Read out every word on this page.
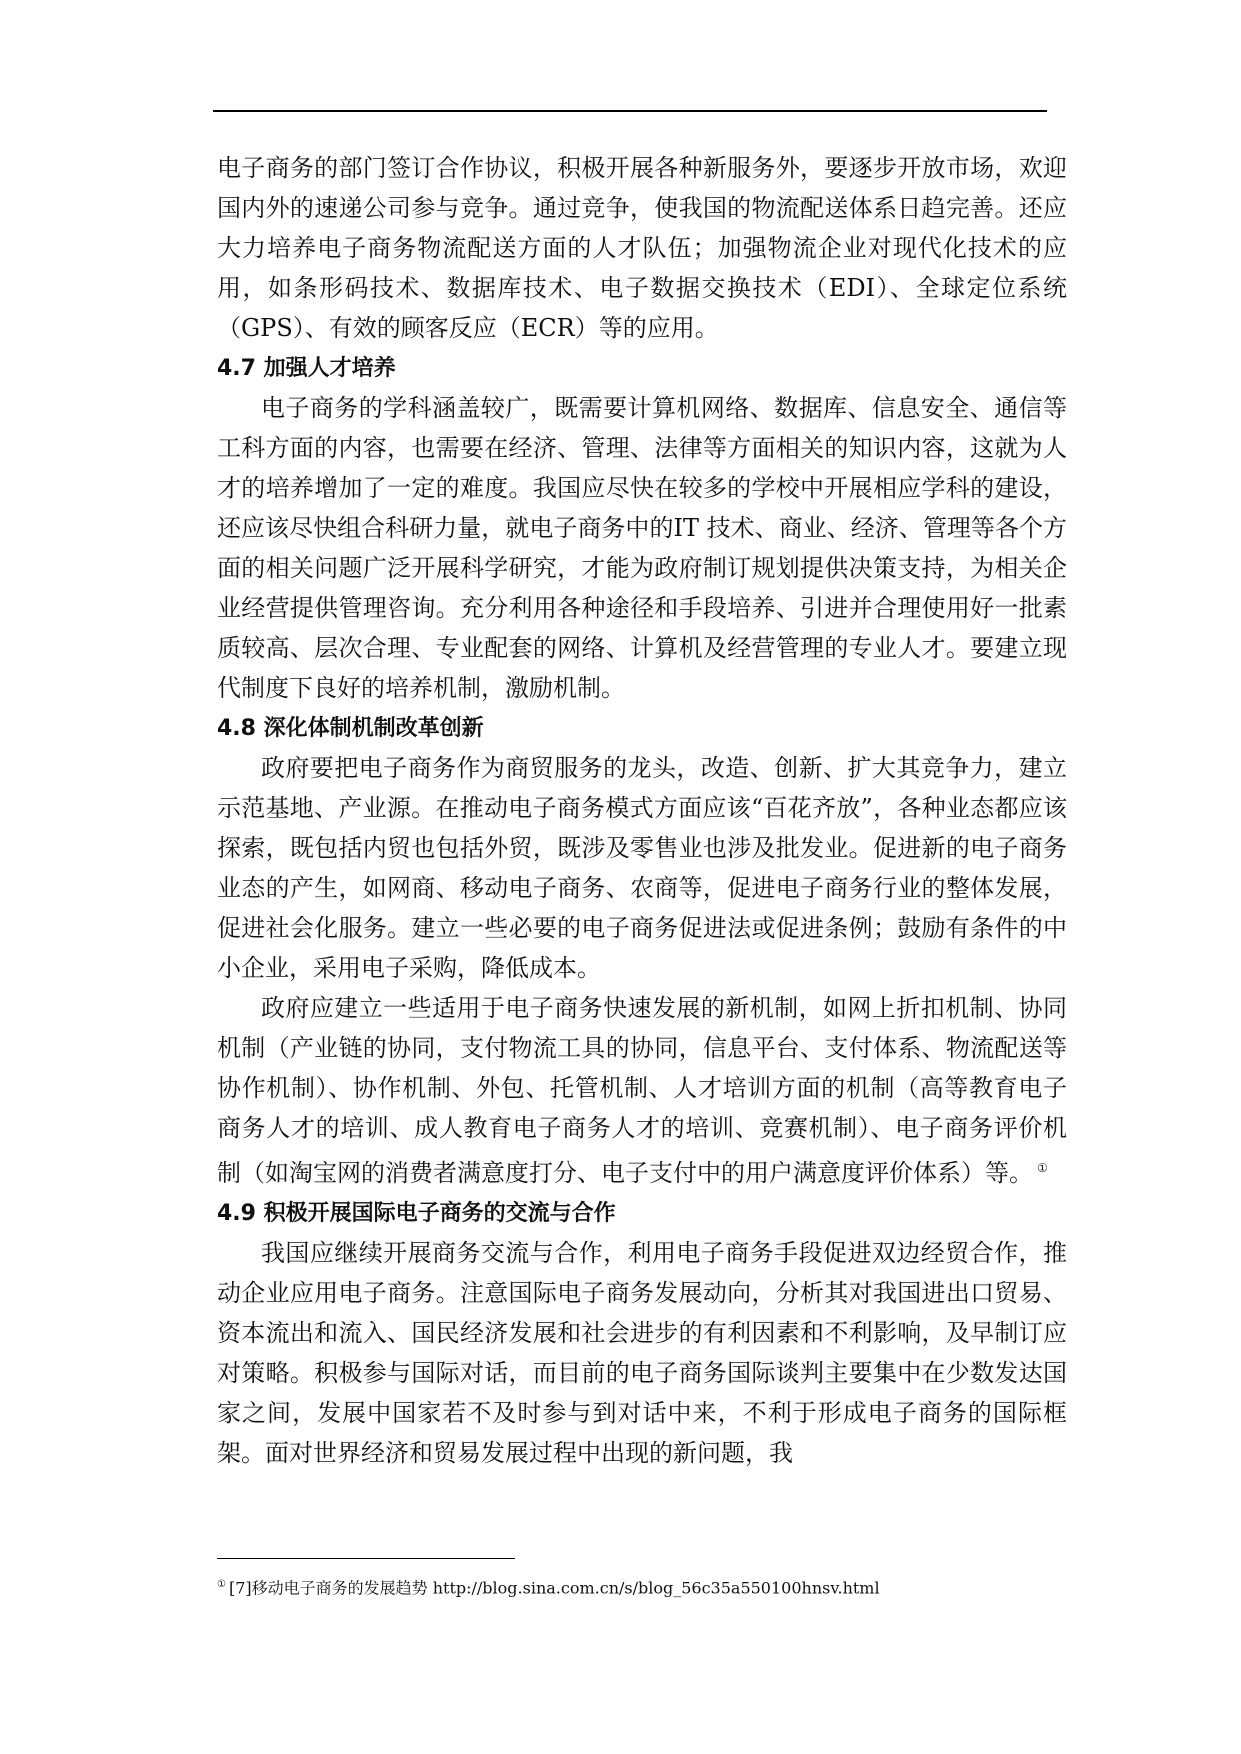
电子商务的部门签订合作协议，积极开展各种新服务外，要逐步开放市场，欢迎国内外的速递公司参与竞争。通过竞争，使我国的物流配送体系日趋完善。还应大力培养电子商务物流配送方面的人才队伍；加强物流企业对现代化技术的应用，如条形码技术、数据库技术、电子数据交换技术（EDI）、全球定位系统（GPS）、有效的顾客反应（ECR）等的应用。

4.7 加强人才培养

电子商务的学科涵盖较广，既需要计算机网络、数据库、信息安全、通信等工科方面的内容，也需要在经济、管理、法律等方面相关的知识内容，这就为人才的培养增加了一定的难度。我国应尽快在较多的学校中开展相应学科的建设，还应该尽快组合科研力量，就电子商务中的IT 技术、商业、经济、管理等各个方面的相关问题广泛开展科学研究，才能为政府制订规划提供决策支持，为相关企业经营提供管理咨询。充分利用各种途径和手段培养、引进并合理使用好一批素质较高、层次合理、专业配套的网络、计算机及经营管理的专业人才。要建立现代制度下良好的培养机制，激励机制。

4.8 深化体制机制改革创新

政府要把电子商务作为商贸服务的龙头，改造、创新、扩大其竞争力，建立示范基地、产业源。在推动电子商务模式方面应该“百花齐放”，各种业态都应该探索，既包括内贸也包括外贸，既涉及零售业也涉及批发业。促进新的电子商务业态的产生，如网商、移动电子商务、农商等，促进电子商务行业的整体发展，促进社会化服务。建立一些必要的电子商务促进法或促进条例；鼓励有条件的中小企业，采用电子采购，降低成本。

政府应建立一些适用于电子商务快速发展的新机制，如网上折扣机制、协同机制（产业链的协同，支付物流工具的协同，信息平台、支付体系、物流配送等协作机制）、协作机制、外包、托管机制、人才培训方面的机制（高等教育电子商务人才的培训、成人教育电子商务人才的培训、竞赛机制）、电子商务评价机制（如淘宝网的消费者满意度打分、电子支付中的用户满意度评价体系）等。 ①

4.9 积极开展国际电子商务的交流与合作

我国应继续开展商务交流与合作，利用电子商务手段促进双边经贸合作，推动企业应用电子商务。注意国际电子商务发展动向，分析其对我国进出口贸易、资本流出和流入、国民经济发展和社会进步的有利因素和不利影响，及早制订应对策略。积极参与国际对话，而目前的电子商务国际谈判主要集中在少数发达国家之间，发展中国家若不及时参与到对话中来，不利于形成电子商务的国际框架。面对世界经济和贸易发展过程中出现的新问题，我

① [7]移动电子商务的发展趋势 http://blog.sina.com.cn/s/blog_56c35a550100hnsv.html
